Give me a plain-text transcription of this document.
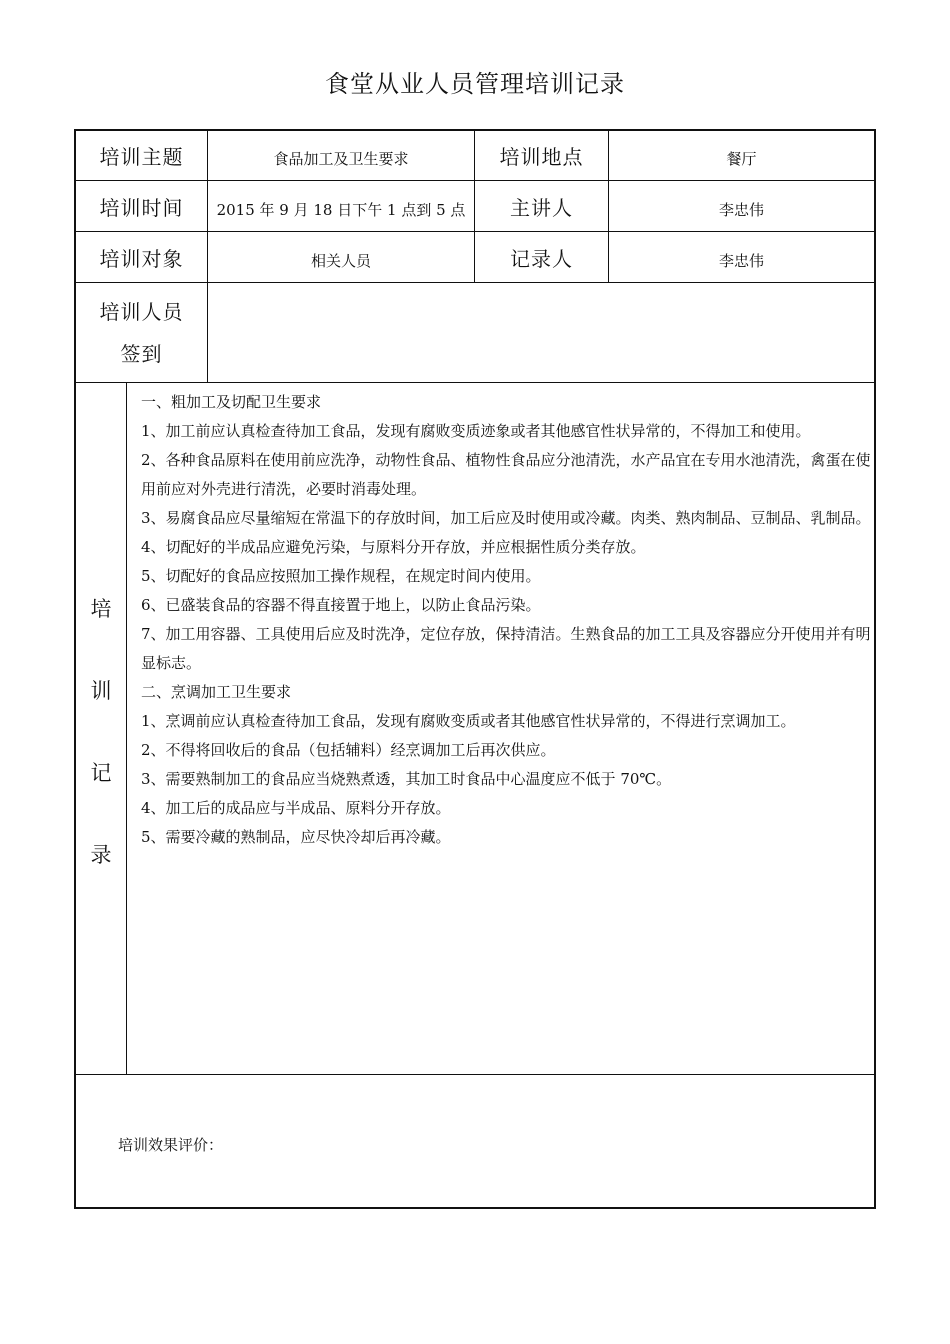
食堂从业人员管理培训记录
培训主题	食品加工及卫生要求	培训地点	餐厅
培训时间	2015 年 9 月 18 日下午 1 点到 5 点	主讲人	李忠伟
培训对象	相关人员	记录人	李忠伟
培训人员
签到
培
训
记
录

一、粗加工及切配卫生要求

1、加工前应认真检查待加工食品，发现有腐败变质迹象或者其他感官性状异常的，不得加工和使用。

2、各种食品原料在使用前应洗净，动物性食品、植物性食品应分池清洗，水产品宜在专用水池清洗，禽蛋在使用前应对外壳进行清洗，必要时消毒处理。

3、易腐食品应尽量缩短在常温下的存放时间，加工后应及时使用或冷藏。肉类、熟肉制品、豆制品、乳制品。

4、切配好的半成品应避免污染，与原料分开存放，并应根据性质分类存放。

5、切配好的食品应按照加工操作规程，在规定时间内使用。

6、已盛装食品的容器不得直接置于地上，以防止食品污染。

7、加工用容器、工具使用后应及时洗净，定位存放，保持清洁。生熟食品的加工工具及容器应分开使用并有明显标志。

二、烹调加工卫生要求

1、烹调前应认真检查待加工食品，发现有腐败变质或者其他感官性状异常的，不得进行烹调加工。

2、不得将回收后的食品（包括辅料）经烹调加工后再次供应。

3、需要熟制加工的食品应当烧熟煮透，其加工时食品中心温度应不低于 70℃。

4、加工后的成品应与半成品、原料分开存放。

5、需要冷藏的熟制品，应尽快冷却后再冷藏。

培训效果评价：
